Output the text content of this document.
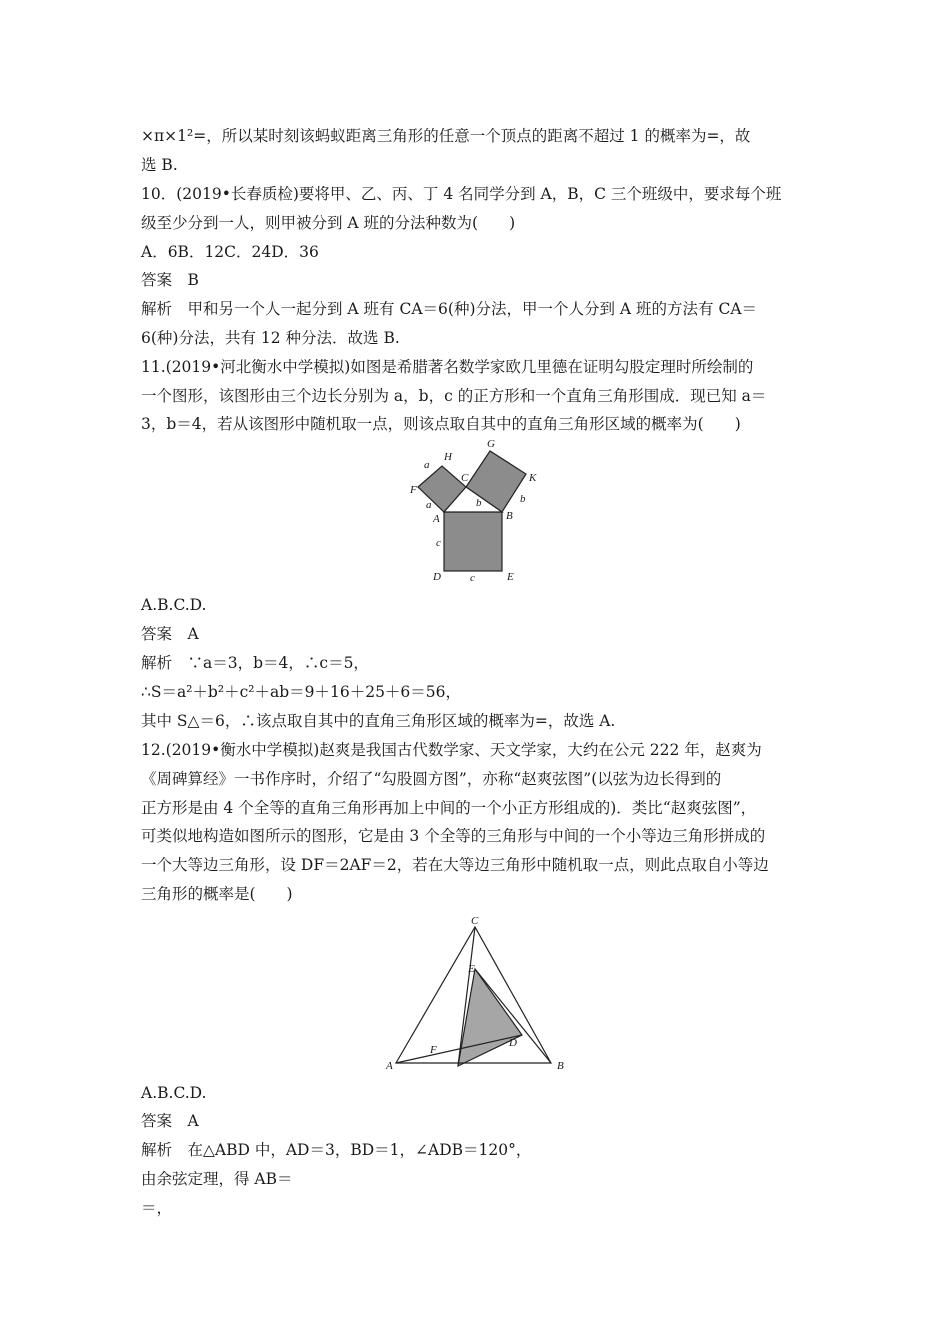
×π×1²=，所以某时刻该蚂蚁距离三角形的任意一个顶点的距离不超过 1 的概率为=，故
选 B.
10．(2019•长春质检)要将甲、乙、丙、丁 4 名同学分到 A，B，C 三个班级中，要求每个班
级至少分到一人，则甲被分到 A 班的分法种数为(　　)
A．6B．12C．24D．36
答案　B
解析　甲和另一个人一起分到 A 班有 CA＝6(种)分法，甲一个人分到 A 班的方法有 CA＝
6(种)分法，共有 12 种分法．故选 B.
11.(2019•河北衡水中学模拟)如图是希腊著名数学家欧几里德在证明勾股定理时所绘制的
一个图形，该图形由三个边长分别为 a，b，c 的正方形和一个直角三角形围成．现已知 a＝
3，b＝4，若从该图形中随机取一点，则该点取自其中的直角三角形区域的概率为(　　)
a
H
G
C	K
F
b	b
a
A	B
c
D	c	E
A.B.C.D.
答案　A
解析　∵a＝3，b＝4，∴c＝5，
∴S＝a²＋b²＋c²＋ab＝9＋16＋25＋6＝56，
其中 S△＝6，∴该点取自其中的直角三角形区域的概率为=，故选 A.
12.(2019•衡水中学模拟)赵爽是我国古代数学家、天文学家，大约在公元 222 年，赵爽为
《周碑算经》一书作序时，介绍了“勾股圆方图”，亦称“赵爽弦图”(以弦为边长得到的
正方形是由 4 个全等的直角三角形再加上中间的一个小正方形组成的)．类比“赵爽弦图”，
可类似地构造如图所示的图形，它是由 3 个全等的三角形与中间的一个小等边三角形拼成的
一个大等边三角形，设 DF＝2AF＝2，若在大等边三角形中随机取一点，则此点取自小等边
三角形的概率是(　　)
C
E
F
D
A	B
A.B.C.D.
答案　A
解析　在△ABD 中，AD＝3，BD＝1，∠ADB＝120°，
由余弦定理，得 AB＝
＝，
